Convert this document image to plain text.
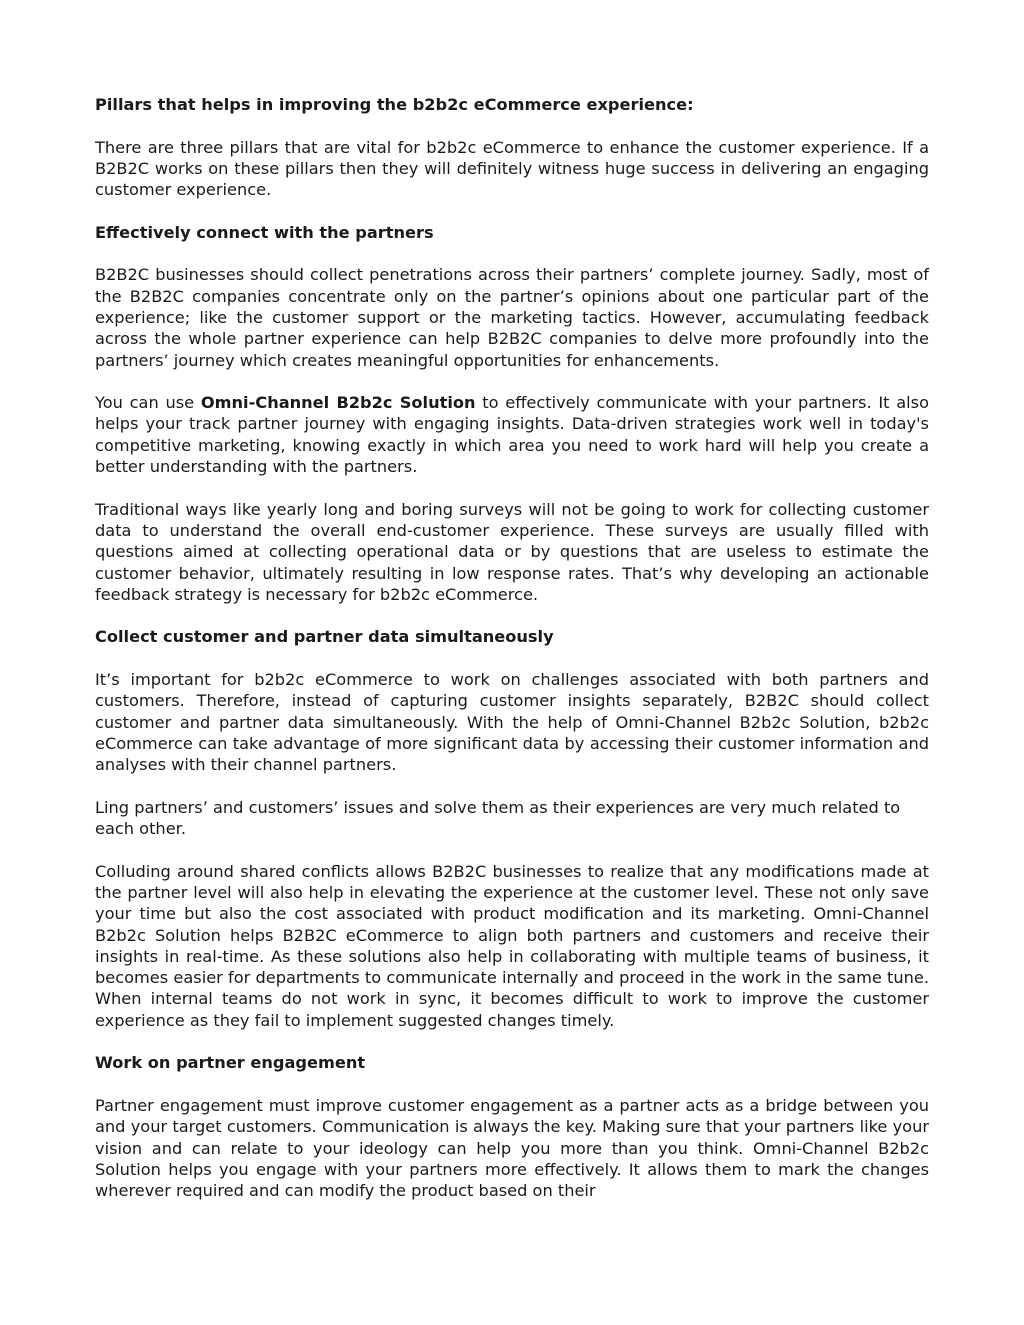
Pillars that helps in improving the b2b2c eCommerce experience:

There are three pillars that are vital for b2b2c eCommerce to enhance the customer experience. If a B2B2C works on these pillars then they will definitely witness huge success in delivering an engaging customer experience.

Effectively connect with the partners

B2B2C businesses should collect penetrations across their partners’ complete journey. Sadly, most of the B2B2C companies concentrate only on the partner’s opinions about one particular part of the experience; like the customer support or the marketing tactics. However, accumulating feedback across the whole partner experience can help B2B2C companies to delve more profoundly into the partners’ journey which creates meaningful opportunities for enhancements.

You can use Omni-Channel B2b2c Solution to effectively communicate with your partners. It also helps your track partner journey with engaging insights. Data-driven strategies work well in today's competitive marketing, knowing exactly in which area you need to work hard will help you create a better understanding with the partners.

Traditional ways like yearly long and boring surveys will not be going to work for collecting customer data to understand the overall end-customer experience. These surveys are usually filled with questions aimed at collecting operational data or by questions that are useless to estimate the customer behavior, ultimately resulting in low response rates. That’s why developing an actionable feedback strategy is necessary for b2b2c eCommerce.

Collect customer and partner data simultaneously

It’s important for b2b2c eCommerce to work on challenges associated with both partners and customers. Therefore, instead of capturing customer insights separately, B2B2C should collect customer and partner data simultaneously. With the help of Omni-Channel B2b2c Solution, b2b2c eCommerce can take advantage of more significant data by accessing their customer information and analyses with their channel partners.

Ling partners’ and customers’ issues and solve them as their experiences are very much related to each other.

Colluding around shared conflicts allows B2B2C businesses to realize that any modifications made at the partner level will also help in elevating the experience at the customer level. These not only save your time but also the cost associated with product modification and its marketing. Omni-Channel B2b2c Solution helps B2B2C eCommerce to align both partners and customers and receive their insights in real-time. As these solutions also help in collaborating with multiple teams of business, it becomes easier for departments to communicate internally and proceed in the work in the same tune. When internal teams do not work in sync, it becomes difficult to work to improve the customer experience as they fail to implement suggested changes timely.

Work on partner engagement

Partner engagement must improve customer engagement as a partner acts as a bridge between you and your target customers. Communication is always the key. Making sure that your partners like your vision and can relate to your ideology can help you more than you think. Omni-Channel B2b2c Solution helps you engage with your partners more effectively. It allows them to mark the changes wherever required and can modify the product based on their
